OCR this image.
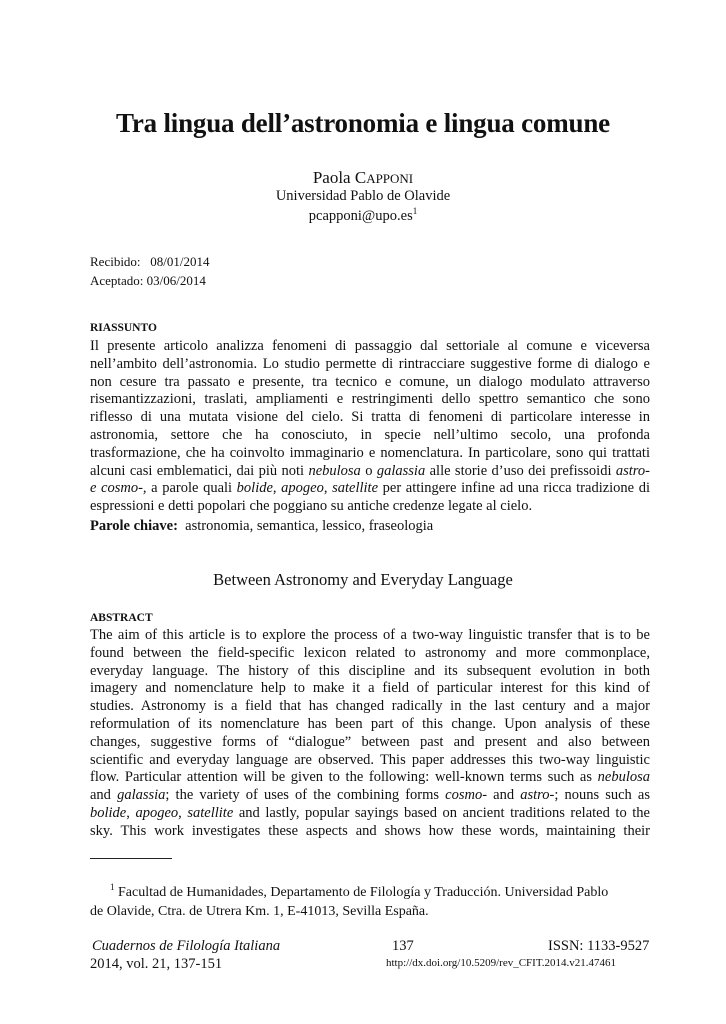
Tra lingua dell’astronomia e lingua comune
Paola CAPPONI
Universidad Pablo de Olavide
$pcapponi@upo.es^1$
Recibido: 08/01/2014
Aceptado: 03/06/2014
RIASSUNTO
Il presente articolo analizza fenomeni di passaggio dal settoriale al comune e viceversa
nell’ambito dell’astronomia. Lo studio permette di rintracciare suggestive forme di dialogo e
non cesure tra passato e presente, tra tecnico e comune, un dialogo modulato attraverso
risemantizzazioni, traslati, ampliamenti e restringimenti dello spettro semantico che sono
riflesso di una mutata visione del cielo. Si tratta di fenomeni di particolare interesse in
astronomia, settore che ha conosciuto, in specie nell’ultimo secolo, una profonda
trasformazione, che ha coinvolto immaginario e nomenclatura. In particolare, sono qui trattati
alcuni casi emblematici, dai più noti nebulosa o galassia alle storie d’uso dei prefissoidi astro-
e cosmo-, a parole quali bolide, apogeo, satellite per attingere infine ad una ricca tradizione di
espressioni e detti popolari che poggiano su antiche credenze legate al cielo.
Parole chiave: astronomia, semantica, lessico, fraseologia
Between Astronomy and Everyday Language
ABSTRACT
The aim of this article is to explore the process of a two-way linguistic transfer that is to be
found between the field-specific lexicon related to astronomy and more commonplace,
everyday language. The history of this discipline and its subsequent evolution in both
imagery and nomenclature help to make it a field of particular interest for this kind of
studies. Astronomy is a field that has changed radically in the last century and a major
reformulation of its nomenclature has been part of this change. Upon analysis of these
changes, suggestive forms of “dialogue” between past and present and also between
scientific and everyday language are observed. This paper addresses this two-way linguistic
flow. Particular attention will be given to the following: well-known terms such as nebulosa
and galassia; the variety of uses of the combining forms cosmo- and astro-; nouns such as
bolide, apogeo, satellite and lastly, popular sayings based on ancient traditions related to the
sky. This work investigates these aspects and shows how these words, maintaining their
$^1$ Facultad de Humanidades, Departamento de Filología y Traducción. Universidad Pablo
de Olavide, Ctra. de Utrera Km. 1, E-41013, Sevilla España.
Cuadernos de Filología Italiana
2014, vol. 21, 137-151
137	ISSN: 1133-9527
http://dx.doi.org/10.5209/rev_CFIT.2014.v21.47461
